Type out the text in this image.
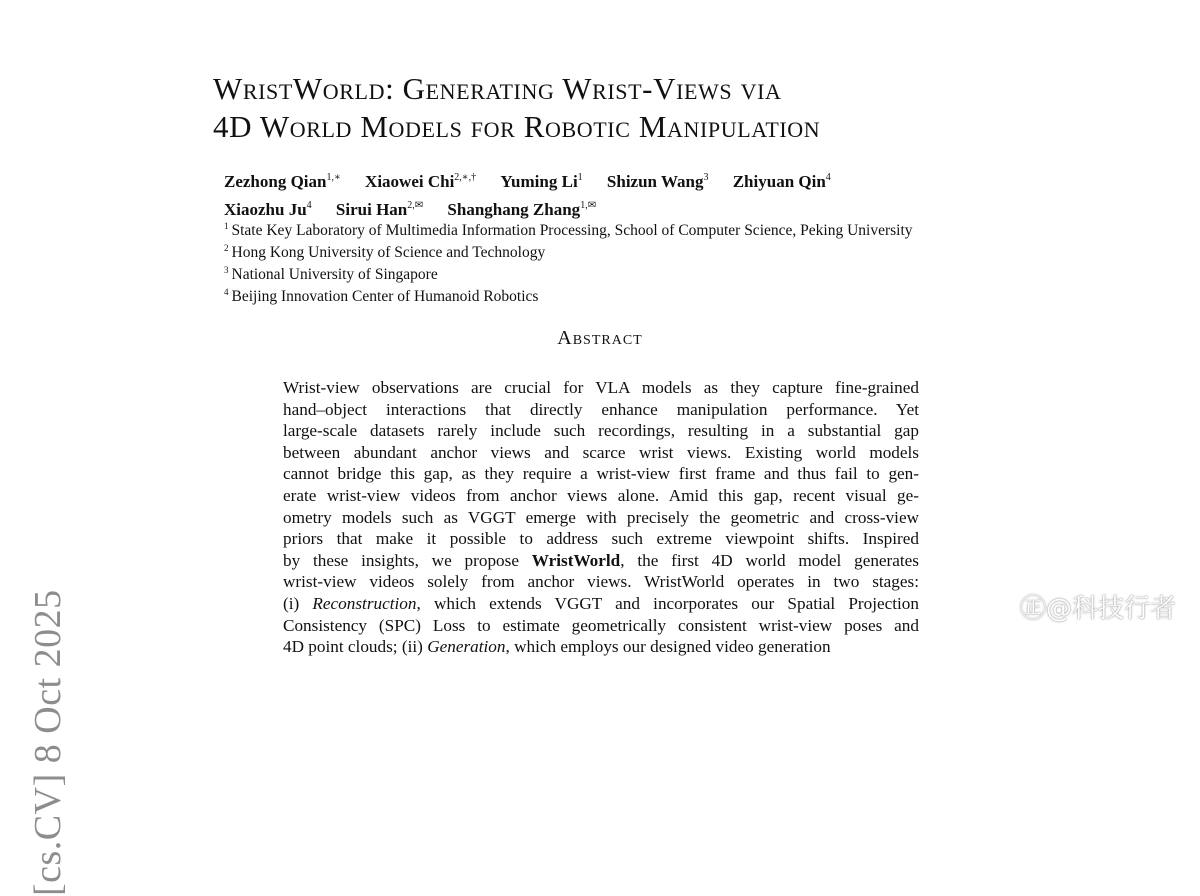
[cs.CV] 8 Oct 2025
WristWorld: Generating Wrist-Views via
4D World Models for Robotic Manipulation
Zezhong Qian$^{1,∗}$ Xiaowei Chi$^{2,∗,\dagger}$ Yuming Li$^1$ Shizun Wang$^3$ Zhiyuan Qin$^4$
Xiaozhu Ju$^4$ Sirui Han$^{2,✉}$ Shanghang Zhang$^{1,✉}$
$^1$ State Key Laboratory of Multimedia Information Processing, School of Computer Science, Peking University
$^2$ Hong Kong University of Science and Technology
$^3$ National University of Singapore
$^4$ Beijing Innovation Center of Humanoid Robotics
Abstract
Wrist-view observations are crucial for VLA models as they capture fine-grained
hand–object interactions that directly enhance manipulation performance. Yet
large-scale datasets rarely include such recordings, resulting in a substantial gap
between abundant anchor views and scarce wrist views. Existing world models
cannot bridge this gap, as they require a wrist-view first frame and thus fail to gen-
erate wrist-view videos from anchor views alone. Amid this gap, recent visual ge-
ometry models such as VGGT emerge with precisely the geometric and cross-view
priors that make it possible to address such extreme viewpoint shifts. Inspired
by these insights, we propose WristWorld, the first 4D world model generates
wrist-view videos solely from anchor views. WristWorld operates in two stages:
(i) Reconstruction, which extends VGGT and incorporates our Spatial Projection
Consistency (SPC) Loss to estimate geometrically consistent wrist-view poses and
4D point clouds; (ii) Generation, which employs our designed video generation
㊣@科技行者
